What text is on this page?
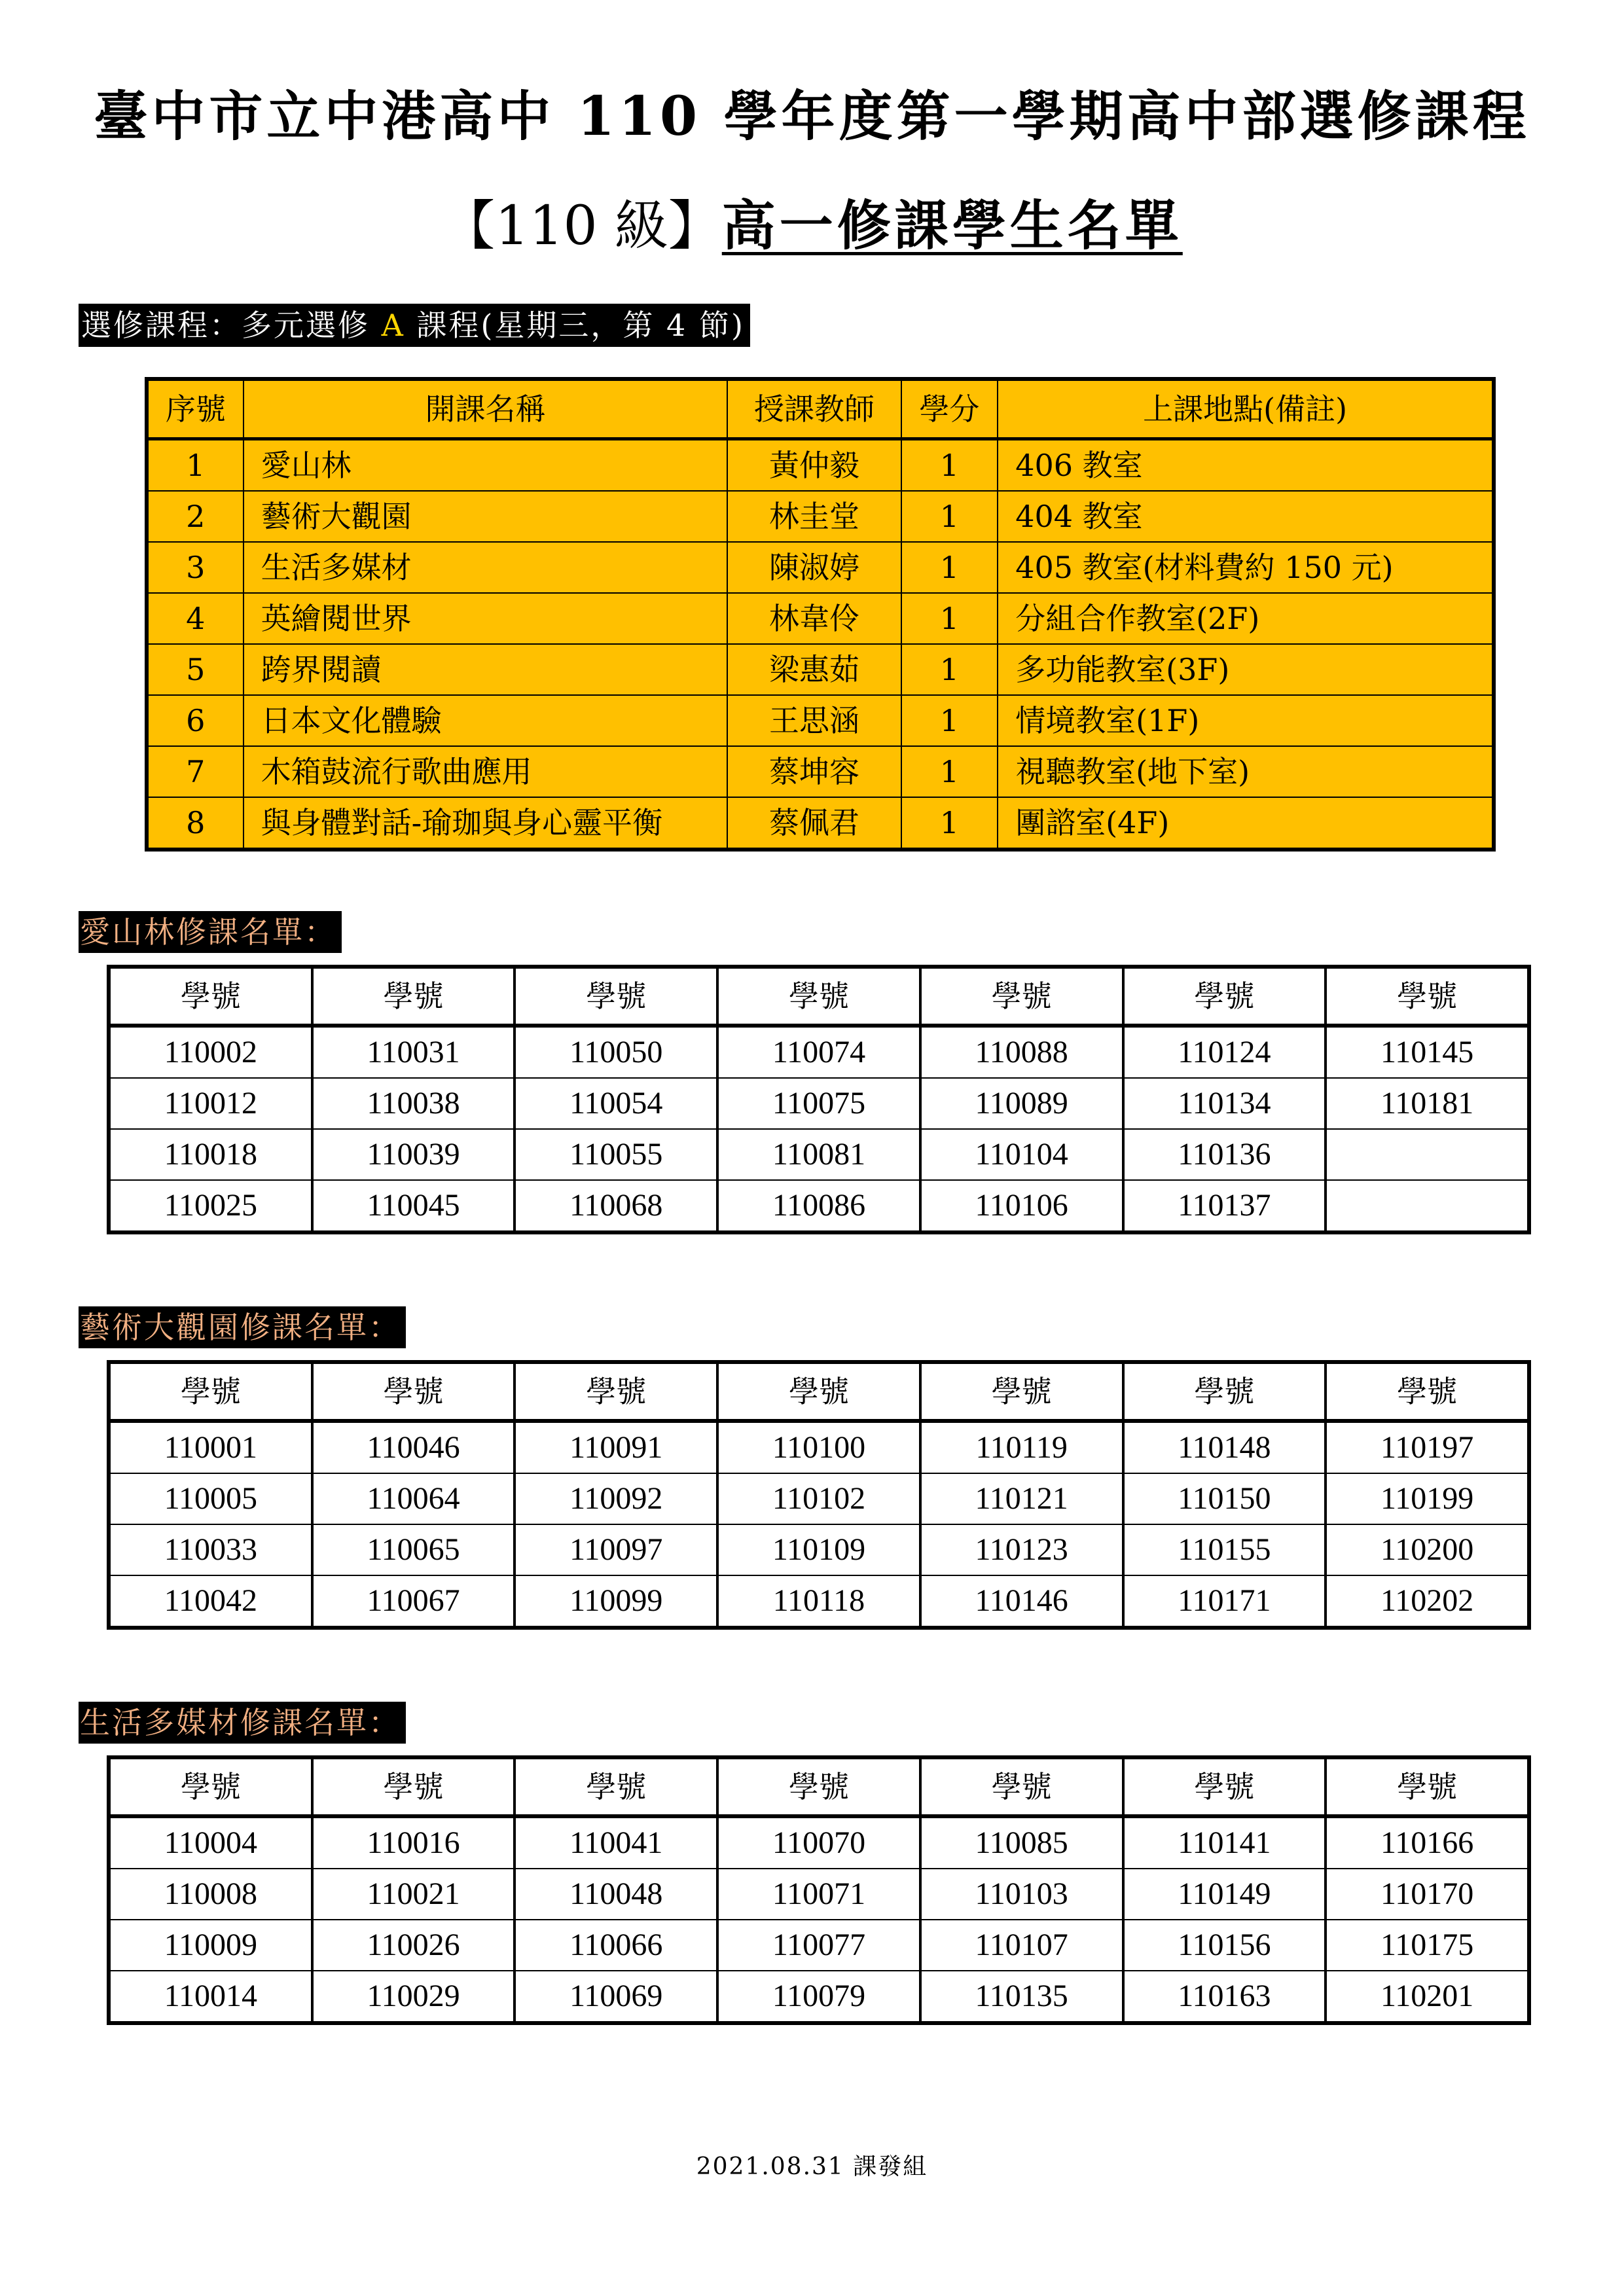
臺中市立中港高中 110 學年度第一學期高中部選修課程
【110 級】高一修課學生名單
選修課程：多元選修 A 課程(星期三，第 4 節)
序號	開課名稱	授課教師	學分	上課地點(備註)
1	愛山林	黃仲毅	1	406 教室
2	藝術大觀園	林圭堂	1	404 教室
3	生活多媒材	陳淑婷	1	405 教室(材料費約 150 元)
4	英繪閱世界	林韋伶	1	分組合作教室(2F)
5	跨界閱讀	梁惠茹	1	多功能教室(3F)
6	日本文化體驗	王思涵	1	情境教室(1F)
7	木箱鼓流行歌曲應用	蔡坤容	1	視聽教室(地下室)
8	與身體對話-瑜珈與身心靈平衡	蔡佩君	1	團諮室(4F)
愛山林修課名單：
學號	學號	學號	學號	學號	學號	學號
110002	110031	110050	110074	110088	110124	110145
110012	110038	110054	110075	110089	110134	110181
110018	110039	110055	110081	110104	110136	
110025	110045	110068	110086	110106	110137	
藝術大觀園修課名單：
學號	學號	學號	學號	學號	學號	學號
110001	110046	110091	110100	110119	110148	110197
110005	110064	110092	110102	110121	110150	110199
110033	110065	110097	110109	110123	110155	110200
110042	110067	110099	110118	110146	110171	110202
生活多媒材修課名單：
學號	學號	學號	學號	學號	學號	學號
110004	110016	110041	110070	110085	110141	110166
110008	110021	110048	110071	110103	110149	110170
110009	110026	110066	110077	110107	110156	110175
110014	110029	110069	110079	110135	110163	110201
2021.08.31 課發組
